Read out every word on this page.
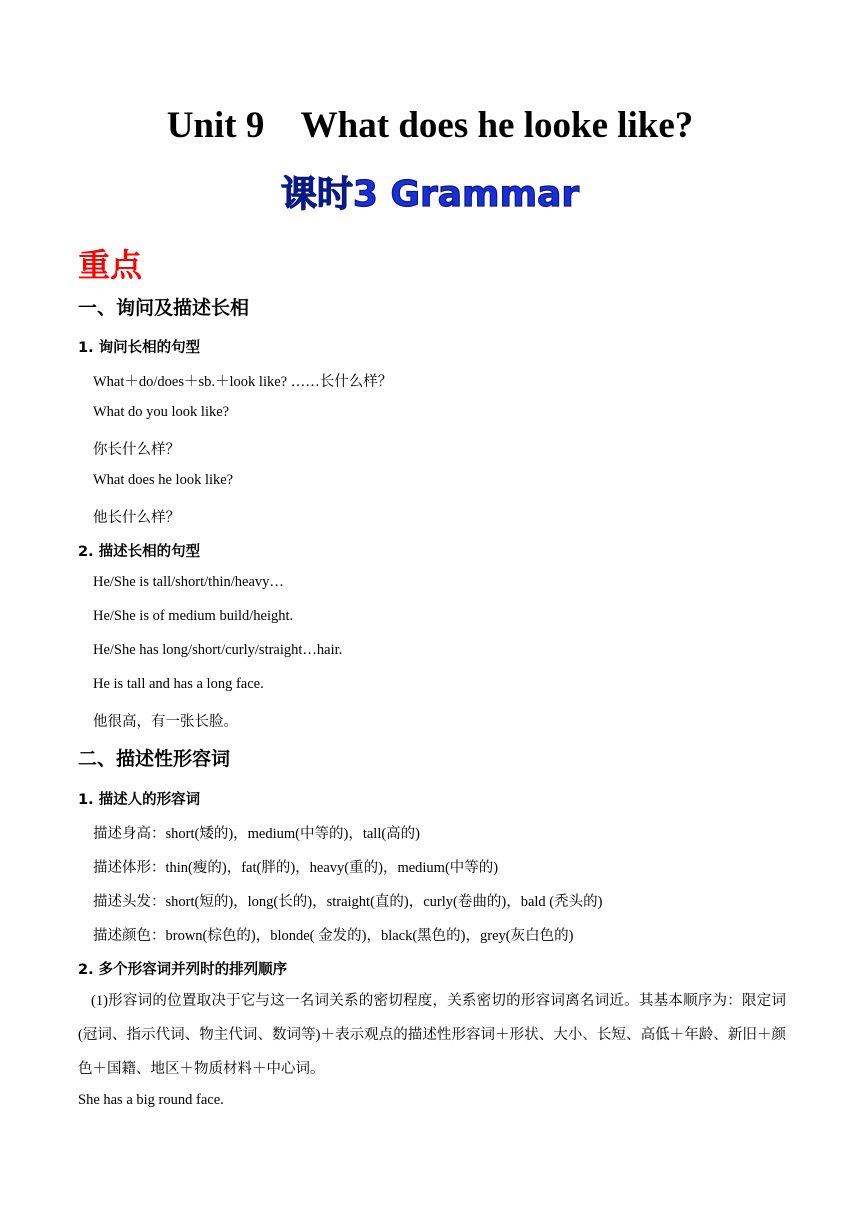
Unit 9    What does he looke like?
课时3 Grammar
重点
一、询问及描述长相
1. 询问长相的句型
What＋do/does＋sb.＋look like? ……长什么样？
What do you look like?
你长什么样？
What does he look like?
他长什么样？
2. 描述长相的句型
He/She is tall/short/thin/heavy…
He/She is of medium build/height.
He/She has long/short/curly/straight…hair.
He is tall and has a long face.
他很高，有一张长脸。
二、描述性形容词
1. 描述人的形容词
描述身高：short(矮的)，medium(中等的)，tall(高的)
描述体形：thin(瘦的)，fat(胖的)，heavy(重的)，medium(中等的)
描述头发：short(短的)，long(长的)，straight(直的)，curly(卷曲的)，bald (秃头的)
描述颜色：brown(棕色的)，blonde( 金发的)，black(黑色的)，grey(灰白色的)
2. 多个形容词并列时的排列顺序
(1)形容词的位置取决于它与这一名词关系的密切程度，关系密切的形容词离名词近。其基本顺序为：限定词(冠词、指示代词、物主代词、数词等)＋表示观点的描述性形容词＋形状、大小、长短、高低＋年龄、新旧＋颜色＋国籍、地区＋物质材料＋中心词。
She has a big round face.
